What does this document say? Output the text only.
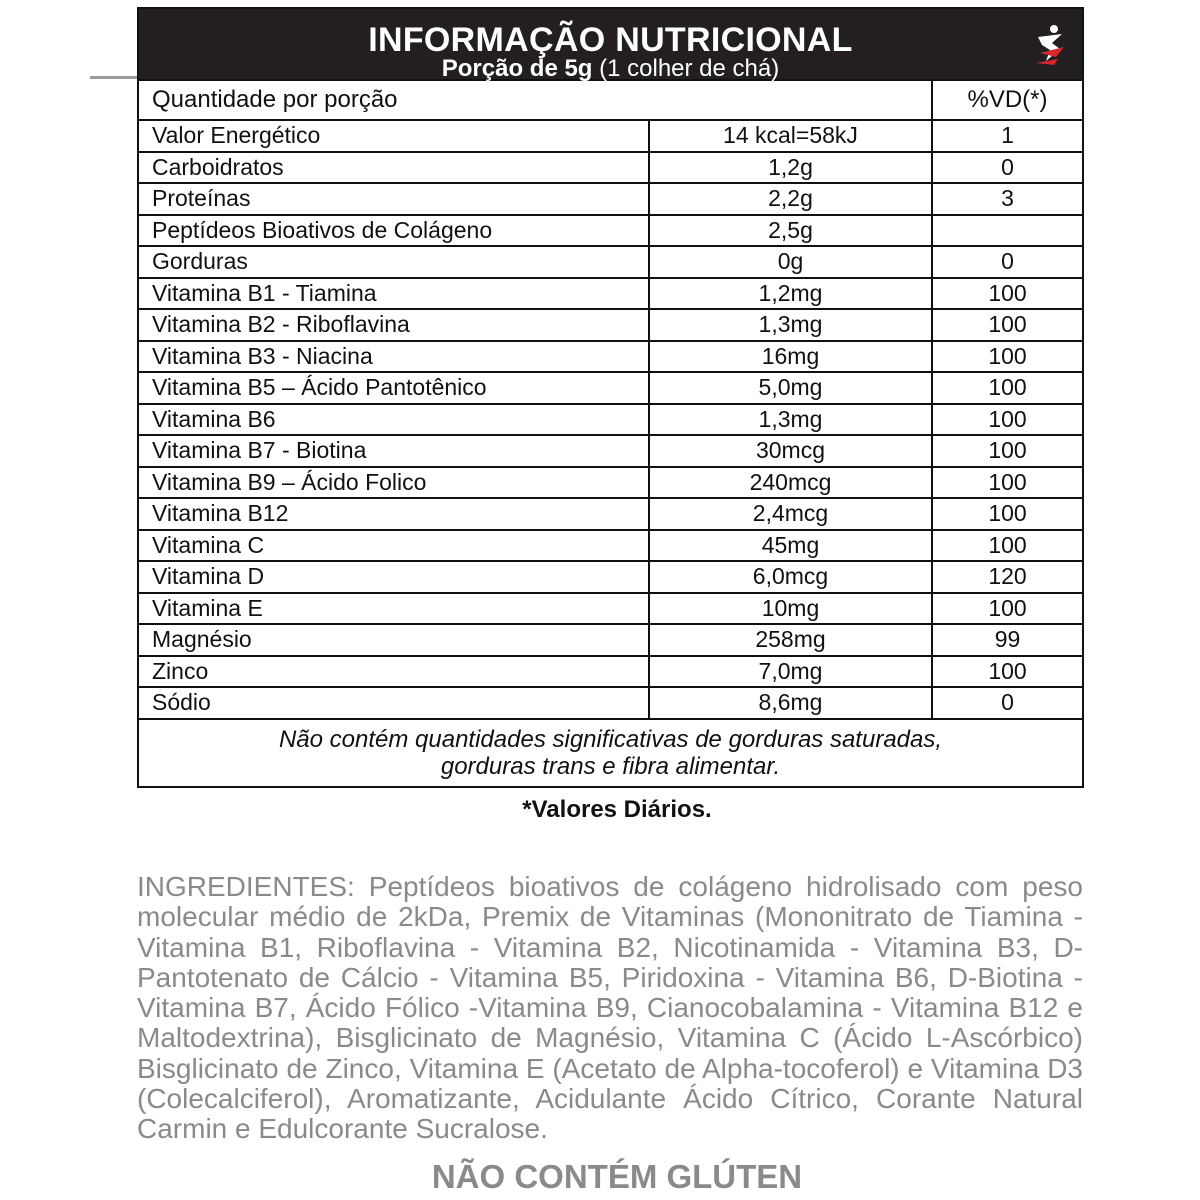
INFORMAÇÃO NUTRICIONAL
Porção de 5g (1 colher de chá)
Quantidade por porção	%VD(*)
Valor Energético	14 kcal=58kJ	1
Carboidratos	1,2g	0
Proteínas	2,2g	3
Peptídeos Bioativos de Colágeno	2,5g
Gorduras	0g	0
Vitamina B1 - Tiamina	1,2mg	100
Vitamina B2 - Riboflavina	1,3mg	100
Vitamina B3 - Niacina	16mg	100
Vitamina B5 – Ácido Pantotênico	5,0mg	100
Vitamina B6	1,3mg	100
Vitamina B7 - Biotina	30mcg	100
Vitamina B9 – Ácido Folico	240mcg	100
Vitamina B12	2,4mcg	100
Vitamina C	45mg	100
Vitamina D	6,0mcg	120
Vitamina E	10mg	100
Magnésio	258mg	99
Zinco	7,0mg	100
Sódio	8,6mg	0
Não contém quantidades significativas de gorduras saturadas,
gorduras trans e fibra alimentar.
*Valores Diários.
INGREDIENTES: Peptídeos bioativos de colágeno hidrolisado com peso molecular médio de 2kDa, Premix de Vitaminas (Mononitrato de Tiamina - Vitamina B1, Riboflavina - Vitamina B2, Nicotinamida - Vitamina B3, D-Pantotenato de Cálcio - Vitamina B5, Piridoxina - Vitamina B6, D-Biotina - Vitamina B7, Ácido Fólico -Vitamina B9, Cianocobalamina - Vitamina B12 e Maltodextrina), Bisglicinato de Magnésio, Vitamina C (Ácido L-Ascórbico) Bisglicinato de Zinco, Vitamina E (Acetato de Alpha-tocoferol) e Vitamina D3 (Colecalciferol), Aromatizante, Acidulante Ácido Cítrico, Corante Natural Carmin e Edulcorante Sucralose.
NÃO CONTÉM GLÚTEN
